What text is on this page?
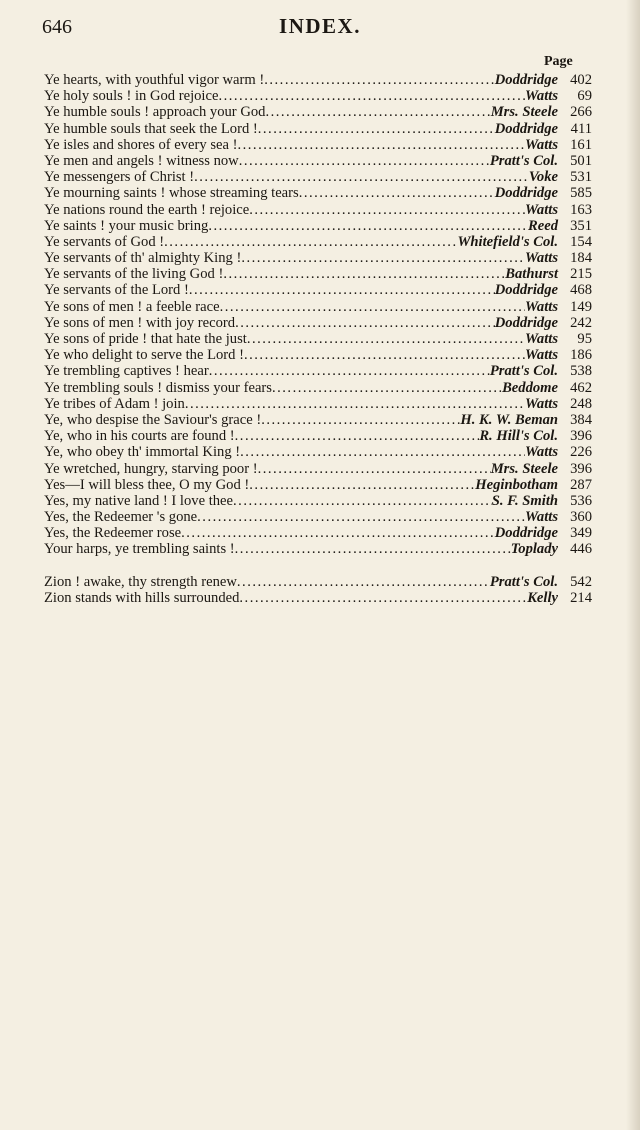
646	INDEX.
Page
Ye hearts, with youthful vigor warm ! .....	Doddridge 402
Ye holy souls ! in God rejoice .....	Watts	69
Ye humble souls ! approach your God .....	Mrs. Steele 266
Ye humble souls that seek the Lord ! .....	Doddridge 411
Ye isles and shores of every sea ! .....	Watts 161
Ye men and angels ! witness now .....	Pratt's Col. 501
Ye messengers of Christ ! .....	Voke 531
Ye mourning saints ! whose streaming tears .....	Doddridge 585
Ye nations round the earth ! rejoice .....	Watts 163
Ye saints ! your music bring .....	Reed 351
Ye servants of God ! .....	Whitefield's Col. 154
Ye servants of th' almighty King ! .....	Watts 184
Ye servants of the living God ! .....	Bathurst 215
Ye servants of the Lord ! .....	Doddridge 468
Ye sons of men ! a feeble race .....	Watts 149
Ye sons of men ! with joy record .....	Doddridge 242
Ye sons of pride ! that hate the just .....	Watts	95
Ye who delight to serve the Lord ! .....	Watts 186
Ye trembling captives ! hear .....	Pratt's Col. 538
Ye trembling souls ! dismiss your fears .....	Beddome 462
Ye tribes of Adam ! join .....	Watts 248
Ye, who despise the Saviour's grace ! .....	H. K. W. Beman 384
Ye, who in his courts are found ! .....	R. Hill's Col. 396
Ye, who obey th' immortal King ! .....	Watts 226
Ye wretched, hungry, starving poor ! .....	Mrs. Steele 396
Yes—I will bless thee, O my God ! .....	Heginbotham 287
Yes, my native land ! I love thee .....	S. F. Smith 536
Yes, the Redeemer 's gone .....	Watts 360
Yes, the Redeemer rose .....	Doddridge 349
Your harps, ye trembling saints ! .....	Toplady 446
Zion ! awake, thy strength renew .....	Pratt's Col. 542
Zion stands with hills surrounded .....	Kelly 214
